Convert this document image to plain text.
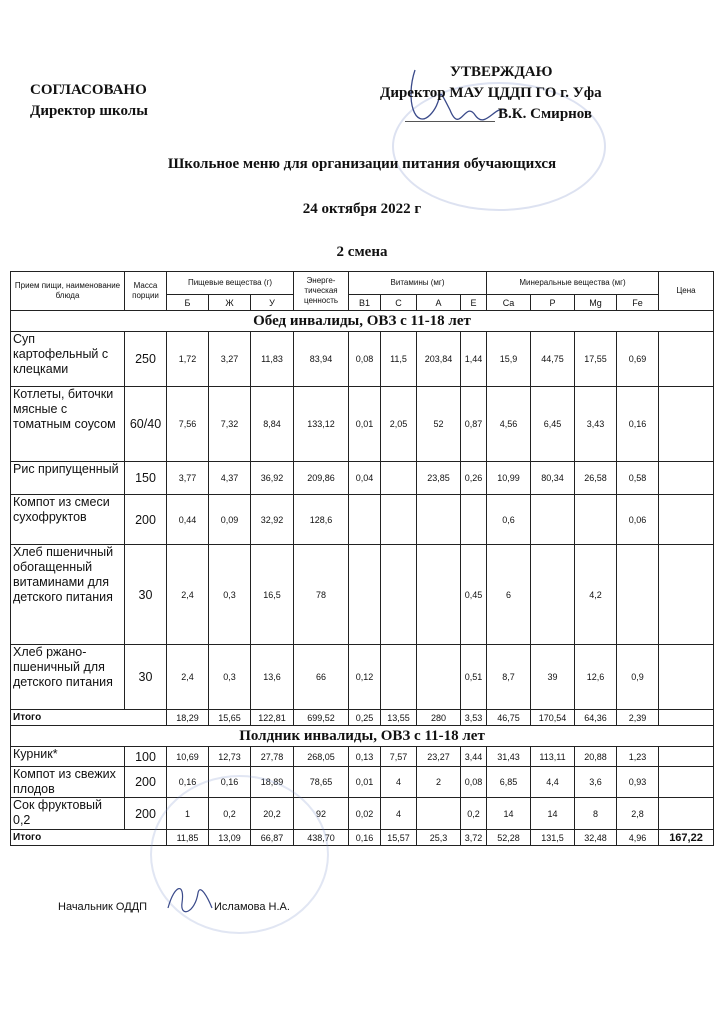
СОГЛАСОВАНО
Директор школы
УТВЕРЖДАЮ
Директор МАУ ЦДДП ГО г. Уфа
В.К. Смирнов
Школьное меню для организации питания обучающихся
24 октября 2022 г
2 смена
Прием пищи, наименование блюда	Масса порции	Пищевые вещества (г)			Энерге-тическая ценность	Витамины (мг)				Минеральные вещества (мг)				Цена
		Б	Ж	У		В1	С	А	Е	Ca	P	Mg	Fe	
Обед инвалиды, ОВЗ с 11-18 лет														
Суп картофельный с клецками	250	1,72	3,27	11,83	83,94	0,08	11,5	203,84	1,44	15,9	44,75	17,55	0,69	
Котлеты, биточки мясные с томатным соусом	60/40	7,56	7,32	8,84	133,12	0,01	2,05	52	0,87	4,56	6,45	3,43	0,16	
Рис припущенный	150	3,77	4,37	36,92	209,86	0,04		23,85	0,26	10,99	80,34	26,58	0,58	
Компот из смеси сухофруктов	200	0,44	0,09	32,92	128,6					0,6			0,06	
Хлеб пшеничный обогащенный витаминами для детского питания	30	2,4	0,3	16,5	78				0,45	6		4,2		
Хлеб ржано-пшеничный для детского питания	30	2,4	0,3	13,6	66	0,12			0,51	8,7	39	12,6	0,9	
Итого		18,29	15,65	122,81	699,52	0,25	13,55	280	3,53	46,75	170,54	64,36	2,39	
Полдник инвалиды, ОВЗ с 11-18 лет														
Курник*	100	10,69	12,73	27,78	268,05	0,13	7,57	23,27	3,44	31,43	113,11	20,88	1,23	
Компот из свежих плодов	200	0,16	0,16	18,89	78,65	0,01	4	2	0,08	6,85	4,4	3,6	0,93	
Сок фруктовый 0,2	200	1	0,2	20,2	92	0,02	4		0,2	14	14	8	2,8	
Итого		11,85	13,09	66,87	438,70	0,16	15,57	25,3	3,72	52,28	131,5	32,48	4,96	167,22
Начальник ОДДП	Исламова Н.А.
